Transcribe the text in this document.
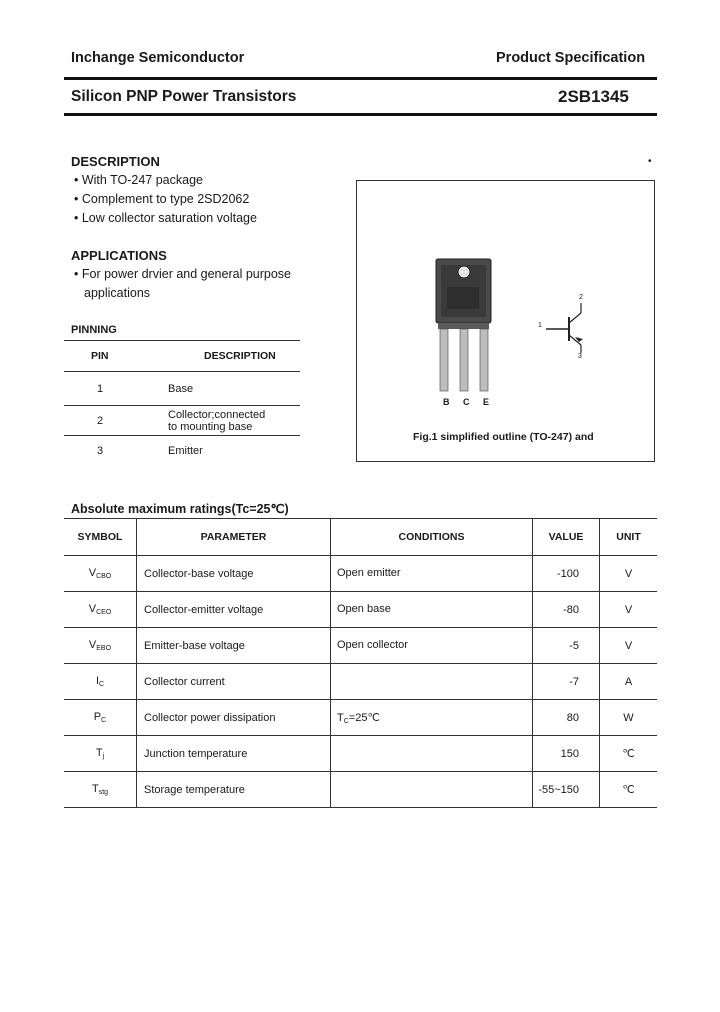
Inchange Semiconductor	Product Specification
Silicon PNP Power Transistors	2SB1345
DESCRIPTION
• With TO-247 package
• Complement to type 2SD2062
• Low collector saturation voltage
APPLICATIONS
• For power drvier and general purpose
applications
PINNING
PIN	DESCRIPTION
1	Base
2	Collector;connected to mounting base
3	Emitter
•
B C E
1
2
3
Fig.1 simplified outline (TO-247) and
Absolute maximum ratings(Tc=25℃)
SYMBOL	PARAMETER	CONDITIONS	VALUE	UNIT
$V_{CBO}$	Collector-base voltage	Open emitter	-100	V
$V_{CEO}$	Collector-emitter voltage	Open base	-80	V
$V_{EBO}$	Emitter-base voltage	Open collector	-5	V
$I_C$	Collector current		-7	A
$P_C$	Collector power dissipation	$T_C=25℃$	80	W
$T_j$	Junction temperature		150	℃
$T_{stg}$	Storage temperature		-55~150	℃
